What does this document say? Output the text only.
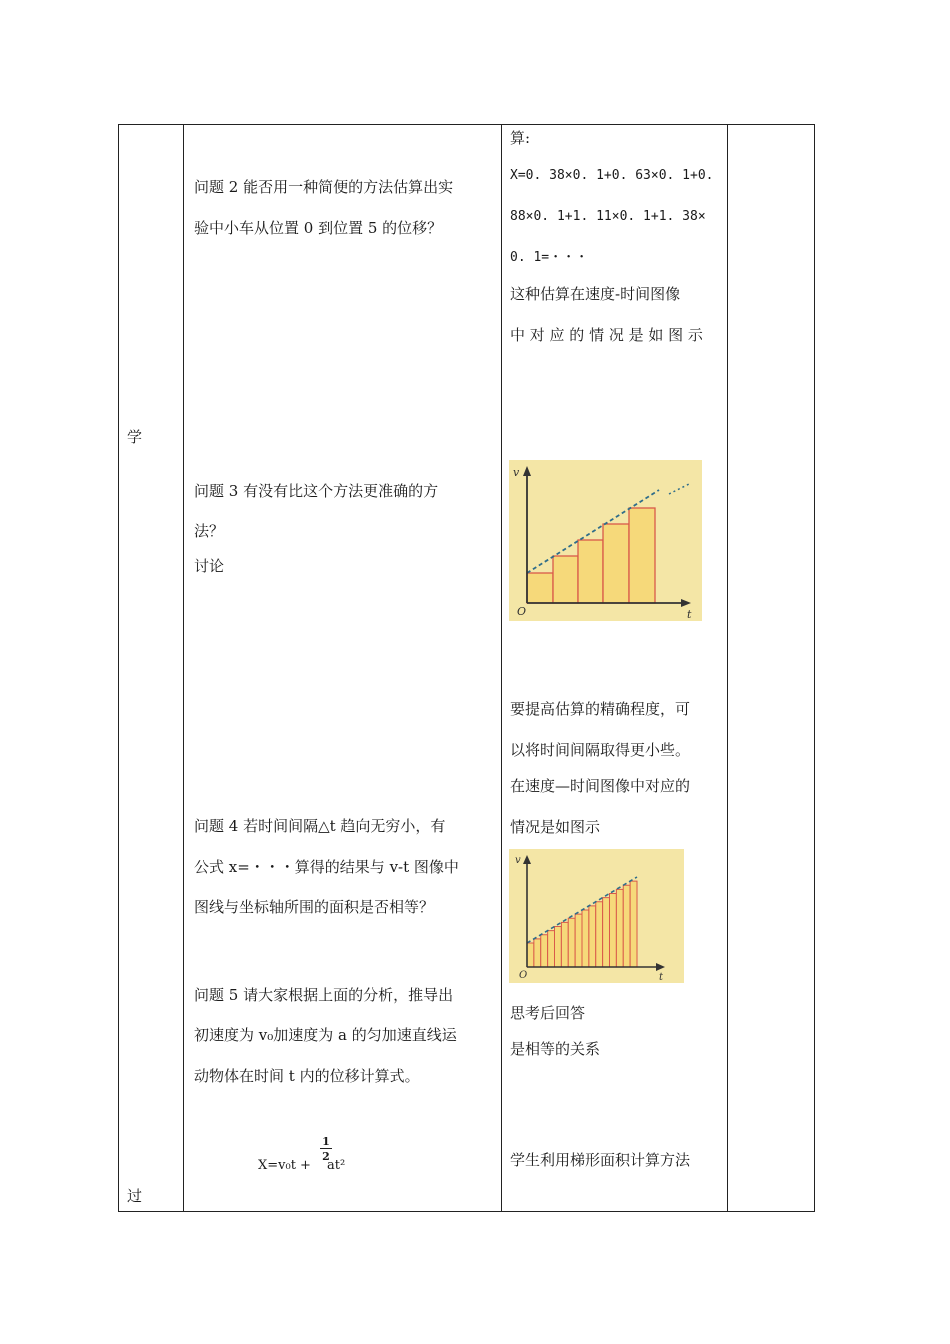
学
过
问题 2 能否用一种简便的方法估算出实
验中小车从位置 0 到位置 5 的位移？
问题 3 有没有比这个方法更准确的方
法？
讨论
问题 4 若时间间隔△t 趋向无穷小，有
公式 x=・・・算得的结果与 v-t 图像中
图线与坐标轴所围的面积是否相等？
问题 5 请大家根据上面的分析，推导出
初速度为 v₀加速度为 a 的匀加速直线运
动物体在时间 t 内的位移计算式。
X=v₀t +
1
2
at²
算:
X=0. 38×0. 1+0. 63×0. 1+0.
88×0. 1+1. 11×0. 1+1. 38×
0. 1=・・・
这种估算在速度-时间图像
中 对 应 的 情 况 是 如 图 示
v
t
O
要提高估算的精确程度，可
以将时间间隔取得更小些。
在速度—时间图像中对应的
情况是如图示
v
t
O
思考后回答
是相等的关系
学生利用梯形面积计算方法
